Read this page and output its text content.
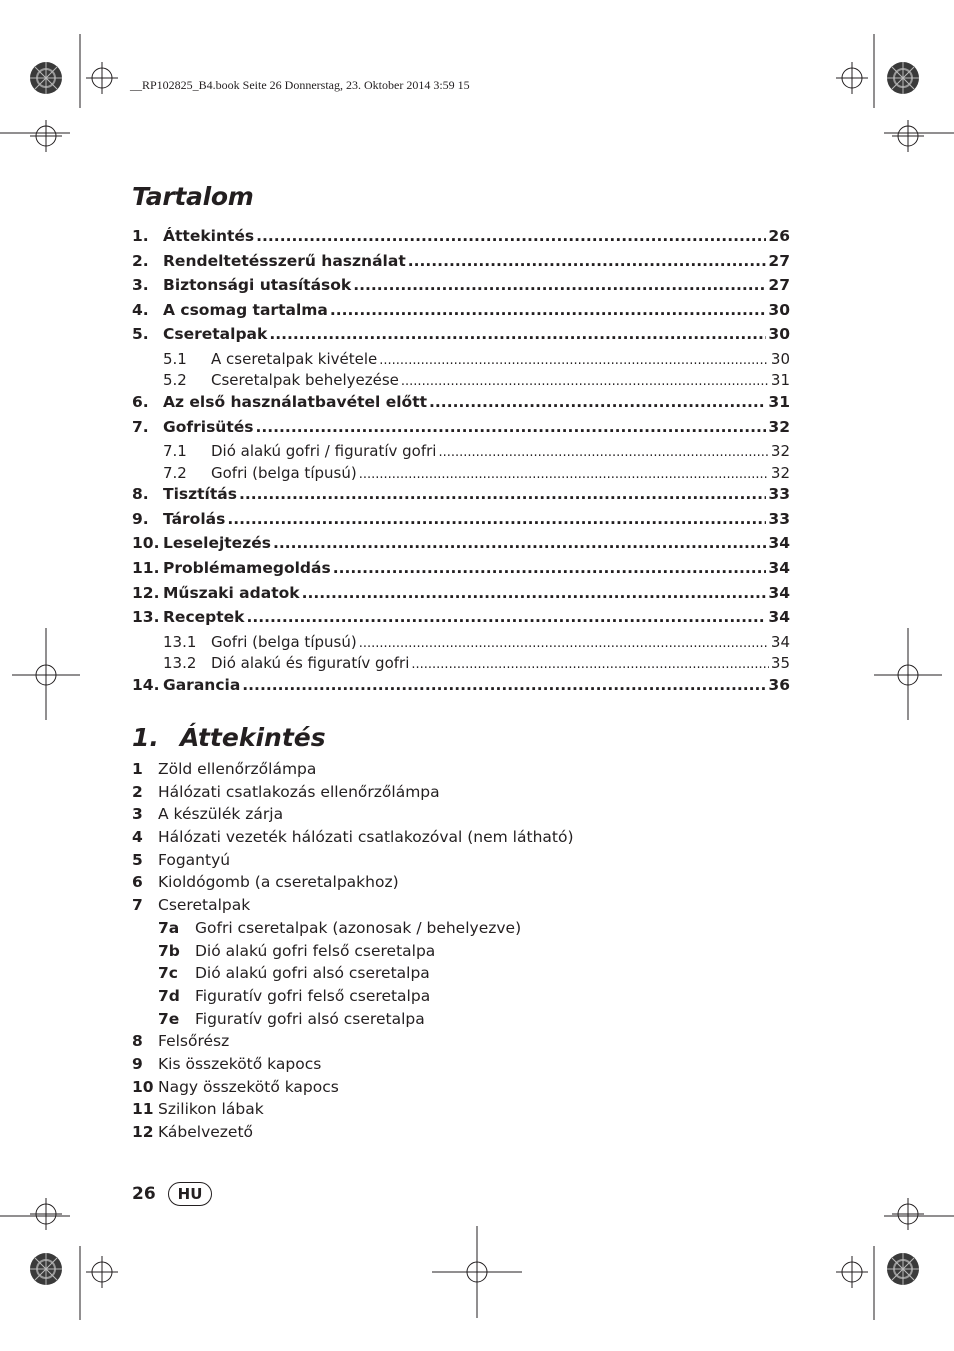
__RP102825_B4.book Seite 26 Donnerstag, 23. Oktober 2014 3:59 15
Tartalom
1. Áttekintés .....	26
2. Rendeltetésszerű használat .....	27
3. Biztonsági utasítások .....	27
4. A csomag tartalma .....	30
5. Cseretalpak .....	30
5.1	A cseretalpak kivétele .....	30
5.2	Cseretalpak behelyezése .....	31
6. Az első használatbavétel előtt .....	31
7. Gofrisütés .....	32
7.1	Dió alakú gofri / figuratív gofri .....	32
7.2	Gofri (belga típusú) .....	32
8. Tisztítás .....	33
9. Tárolás .....	33
10. Leselejtezés .....	34
11. Problémamegoldás .....	34
12. Műszaki adatok .....	34
13. Receptek .....	34
13.1 Gofri (belga típusú) .....	34
13.2 Dió alakú és figuratív gofri .....	35
14. Garancia .....	36
1. Áttekintés
1 Zöld ellenőrzőlámpa
2 Hálózati csatlakozás ellenőrzőlámpa
3 A készülék zárja
4 Hálózati vezeték hálózati csatlakozóval (nem látható)
5 Fogantyú
6 Kioldógomb (a cseretalpakhoz)
7 Cseretalpak
7a	Gofri cseretalpak (azonosak / behelyezve)
7b Dió alakú gofri felső cseretalpa
7c	Dió alakú gofri alsó cseretalpa
7d Figuratív gofri felső cseretalpa
7e	Figuratív gofri alsó cseretalpa
8 Felsőrész
9 Kis összekötő kapocs
10 Nagy összekötő kapocs
11 Szilikon lábak
12 Kábelvezető
26	HU
